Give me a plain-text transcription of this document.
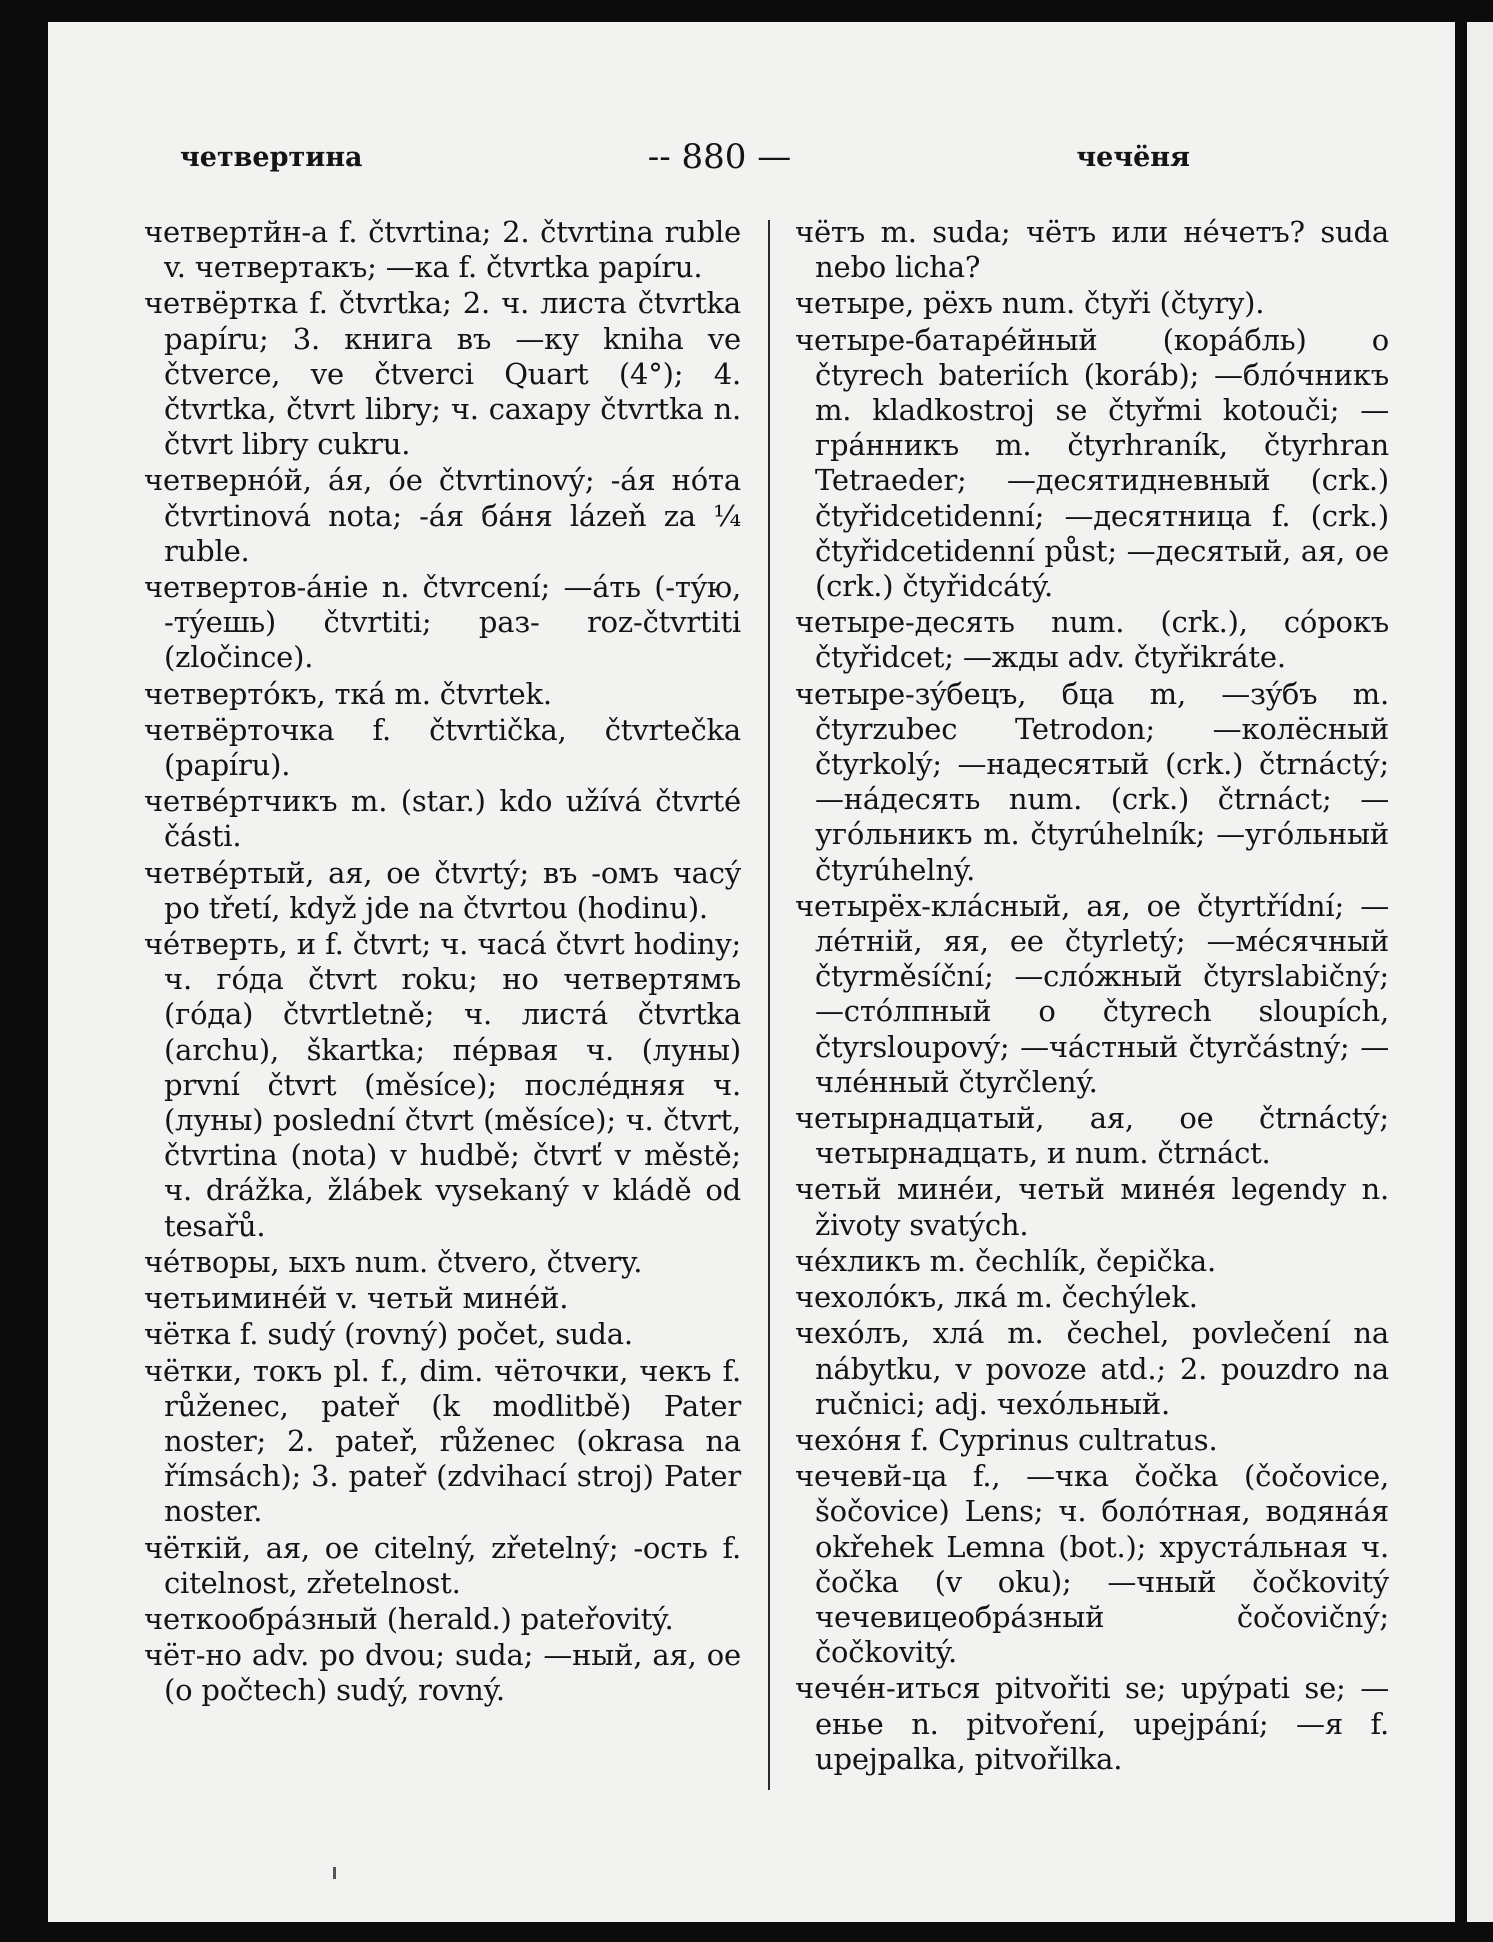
четвертина	-- 880 —	чечёня
четвертйн-а f. čtvrtina; 2. čtvrtina ruble v. четвертакъ; —ка f. čtvrtka papíru.
четвёртка f. čtvrtka; 2. ч. листа čtvrtka papíru; 3. книга въ —ку kniha ve čtverce, ve čtverci Quart (4°); 4. čtvrtka, čtvrt libry; ч. сахару čtvrtka n. čtvrt libry cukru.
четвернóй, áя, óе čtvrtinový; -áя нóта čtvrtinová nota; -áя бáня lázeň za ¼ ruble.
четвертов-áніе n. čtvrcení; —áть (-тýю, -тýешь) čtvrtiti; раз- roz-čtvrtiti (zločince).
четвертóкъ, ткá m. čtvrtek.
четвёрточка f. čtvrtička, čtvrtečka (papíru).
четвéртчикъ m. (star.) kdo užívá čtvrté části.
четвéртый, ая, ое čtvrtý; въ -омъ часý po třetí, když jde na čtvrtou (hodinu).
чéтверть, и f. čtvrt; ч. часá čtvrt hodiny; ч. гóда čtvrt roku; но четвертямъ (гóда) čtvrtletně; ч. листá čtvrtka (archu), škartka; пéрвая ч. (луны) první čtvrt (měsíce); послéдняя ч. (луны) poslední čtvrt (měsíce); ч. čtvrt, čtvrtina (nota) v hudbě; čtvrť v městě; ч. drážka, žlábek vysekaný v kládě od tesařů.
чéтворы, ыхъ num. čtvero, čtvery.
четьиминéй v. четьй минéй.
чётка f. sudý (rovný) počet, suda.
чётки, токъ pl. f., dim. чёточки, чекъ f. růženec, pateř (k modlitbě) Pater noster; 2. pateř, růženec (okrasa na římsách); 3. pateř (zdvihací stroj) Pater noster.
чёткій, ая, ое citelný, zřetelný; -ость f. citelnost, zřetelnost.
четкообрáзный (herald.) pateřovitý.
чёт-но adv. po dvou; suda; —ный, ая, ое (o počtech) sudý, rovný.
чётъ m. suda; чётъ или нéчетъ? suda nebo licha?
четыре, рёхъ num. čtyři (čtyry).
четыре-батарéйный (корáбль) o čtyrech bateriích (koráb); —блóчникъ m. kladkostroj se čtyřmi kotouči; —грáнникъ m. čtyrhraník, čtyrhran Tetraeder; —десятидневный (crk.) čtyřidcetidenní; —десятница f. (crk.) čtyřidcetidenní půst; —десятый, ая, ое (crk.) čtyřidcátý.
четыре-десять num. (crk.), сóрокъ čtyřidcet; —жды adv. čtyřikráte.
четыре-зýбецъ, бца m, —зýбъ m. čtyrzubec Tetrodon; —колёсный čtyrkolý; —надесятый (crk.) čtrnáctý; —нáдесять num. (crk.) čtrnáct; —угóльникъ m. čtyrúhelník; —угóльный čtyrúhelný.
четырёх-клáсный, ая, ое čtyrtřídní; —лéтній, яя, ее čtyrletý; —мéсячный čtyrměsíční; —слóжный čtyrslabičný; —стóлпный o čtyrech sloupích, čtyrsloupový; —чáстный čtyrčástný; —члéнный čtyrčlený.
четырнадцатый, ая, ое čtrnáctý; четырнадцать, и num. čtrnáct.
четьй минéи, четьй минéя legendy n. životy svatých.
чéхликъ m. čechlík, čepička.
чехолóкъ, лкá m. čechýlek.
чехóлъ, хлá m. čechel, povlečení na nábytku, v povoze atd.; 2. pouzdro na ručnici; adj. чехóльный.
чехóня f. Cyprinus cultratus.
чечевй-ца f., —чка čočka (čočovice, šočovice) Lens; ч. болóтная, водянáя okřehek Lemna (bot.); хрустáльная ч. čočka (v oku); —чный čočkovitý чечевицеобрáзный čočovičný; čočkovitý.
чечéн-иться pitvořiti se; upýpati se; —енье n. pitvoření, upejpání; —я f. upejpalka, pitvořilka.
